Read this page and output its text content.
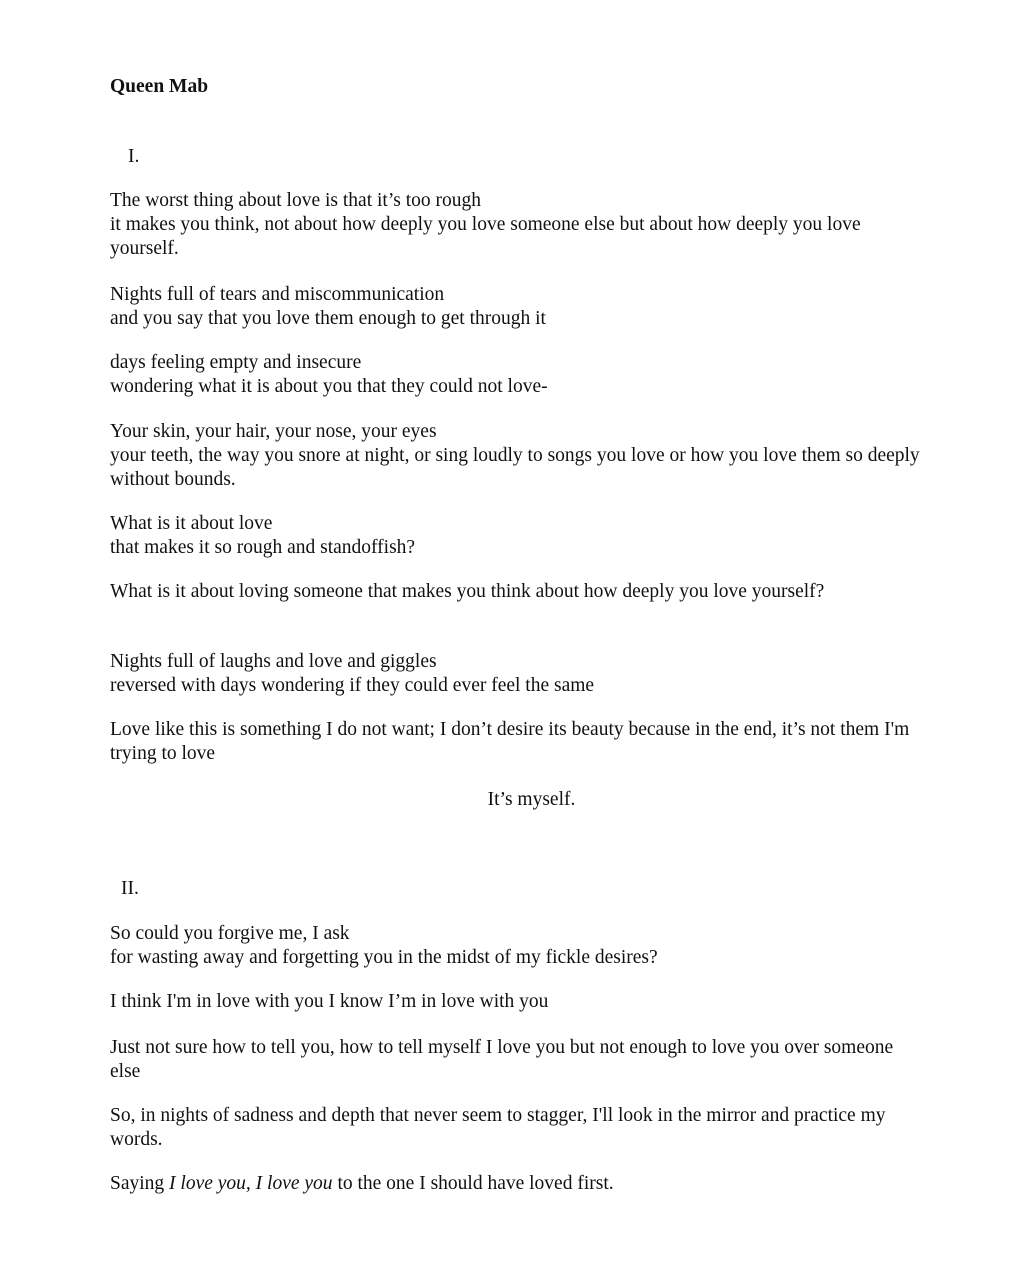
Queen Mab
I.

The worst thing about love is that it’s too rough
it makes you think, not about how deeply you love someone else but about how deeply you love yourself.

Nights full of tears and miscommunication
and you say that you love them enough to get through it

days feeling empty and insecure
wondering what it is about you that they could not love-

Your skin, your hair, your nose, your eyes
your teeth, the way you snore at night, or sing loudly to songs you love or how you love them so deeply without bounds.

What is it about love
that makes it so rough and standoffish?

What is it about loving someone that makes you think about how deeply you love yourself?

Nights full of laughs and love and giggles
reversed with days wondering if they could ever feel the same

Love like this is something I do not want; I don’t desire its beauty because in the end, it’s not them I'm trying to love

It’s myself.
II.

So could you forgive me, I ask
for wasting away and forgetting you in the midst of my fickle desires?

I think I'm in love with you I know I’m in love with you

Just not sure how to tell you, how to tell myself I love you but not enough to love you over someone else

So, in nights of sadness and depth that never seem to stagger, I'll look in the mirror and practice my words.

Saying I love you, I love you to the one I should have loved first.
